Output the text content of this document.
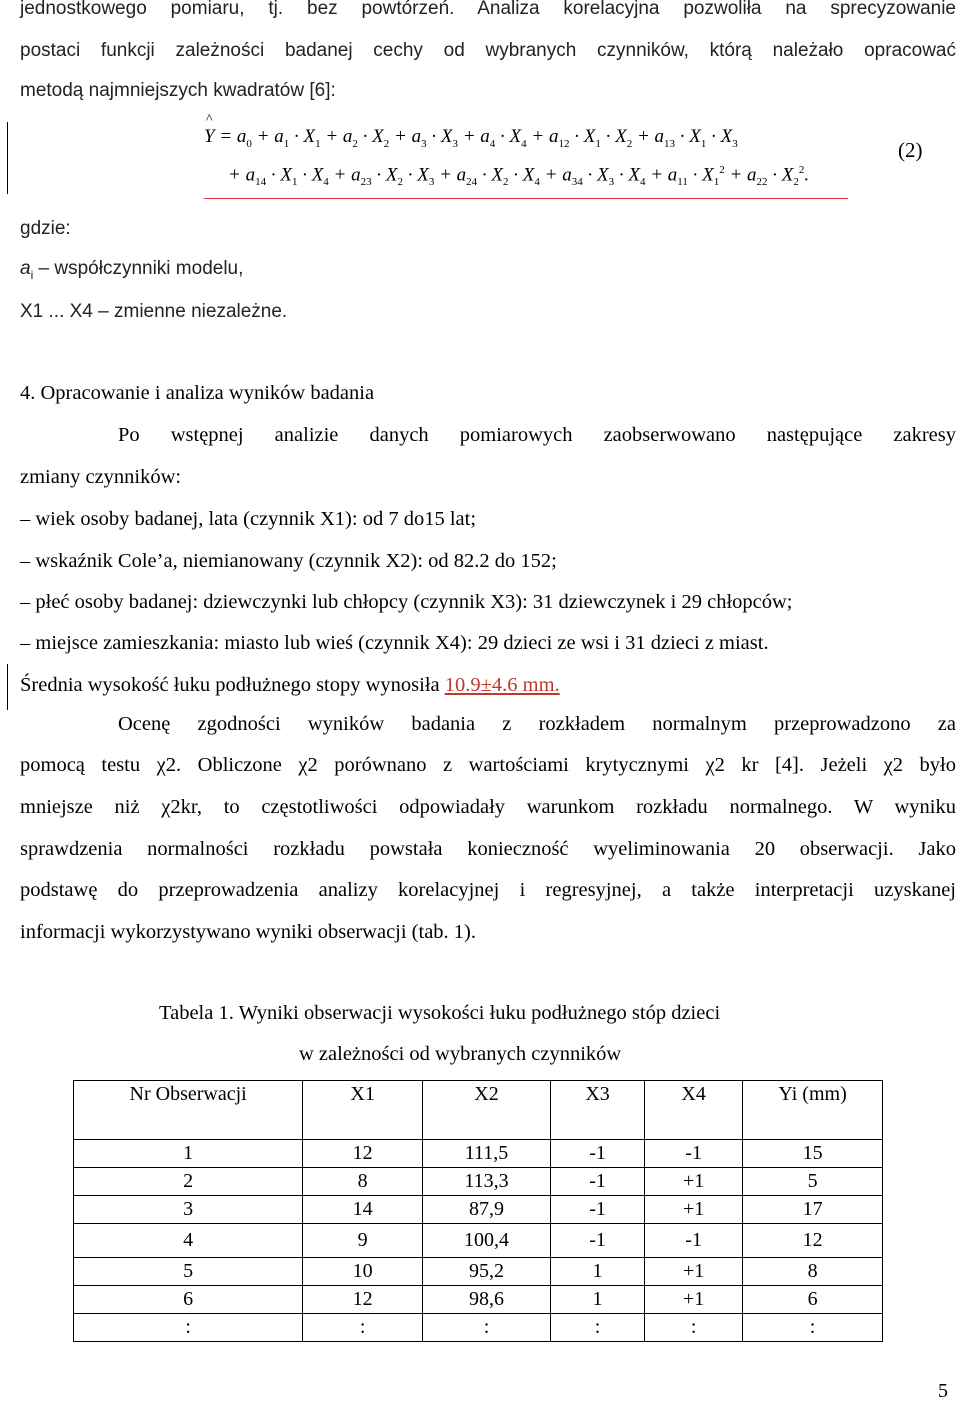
jednostkowego pomiaru, tj. bez powtórzeń. Analiza korelacyjna pozwoliła na sprecyzowanie
postaci funkcji zależności badanej cechy od wybranych czynników, którą należało opracować
metodą najmniejszych kwadratów [6]:
Y
^
= $a_0 + a_1 \cdot X_1 + a_2 \cdot X_2 + a_3 \cdot X_3 + a_4 \cdot X_4 + a_{12} \cdot X_1 \cdot X_2 + a_{13} \cdot X_1 \cdot X_3$
+ $a_{14} \cdot X_1 \cdot X_4 + a_{23} \cdot X_2 \cdot X_3 + a_{24} \cdot X_2 \cdot X_4 + a_{34} \cdot X_3 \cdot X_4 + a_{11} \cdot X_1^2 + a_{22} \cdot X_2^2$.
(2)
gdzie:
$a_i$ – współczynniki modelu,
X1 ... X4 – zmienne niezależne.
4. Opracowanie i analiza wyników badania
Po wstępnej analizie danych pomiarowych zaobserwowano następujące zakresy
zmiany czynników:
– wiek osoby badanej, lata (czynnik X1): od 7 do15 lat;
– wskaźnik Cole’a, niemianowany (czynnik X2): od 82.2 do 152;
– płeć osoby badanej: dziewczynki lub chłopcy (czynnik X3): 31 dziewczynek i 29 chłopców;
– miejsce zamieszkania: miasto lub wieś (czynnik X4): 29 dzieci ze wsi i 31 dzieci z miast.
Średnia wysokość łuku podłużnego stopy wynosiła 10.9±4.6 mm.
Ocenę zgodności wyników badania z rozkładem normalnym przeprowadzono za
pomocą testu χ2. Obliczone χ2 porównano z wartościami krytycznymi χ2 kr [4]. Jeżeli χ2 było
mniejsze niż χ2kr, to częstotliwości odpowiadały warunkom rozkładu normalnego. W wyniku
sprawdzenia normalności rozkładu powstała konieczność wyeliminowania 20 obserwacji. Jako
podstawę do przeprowadzenia analizy korelacyjnej i regresyjnej, a także interpretacji uzyskanej
informacji wykorzystywano wyniki obserwacji (tab. 1).
Tabela 1. Wyniki obserwacji wysokości łuku podłużnego stóp dzieci
w zależności od wybranych czynników
Nr Obserwacji	X1	X2	X3	X4	Yi (mm)
1	12	111,5	-1	-1	15
2	8	113,3	-1	+1	5
3	14	87,9	-1	+1	17
4	9	100,4	-1	-1	12
5	10	95,2	1	+1	8
6	12	98,6	1	+1	6
:	:	:	:	:	:
5
